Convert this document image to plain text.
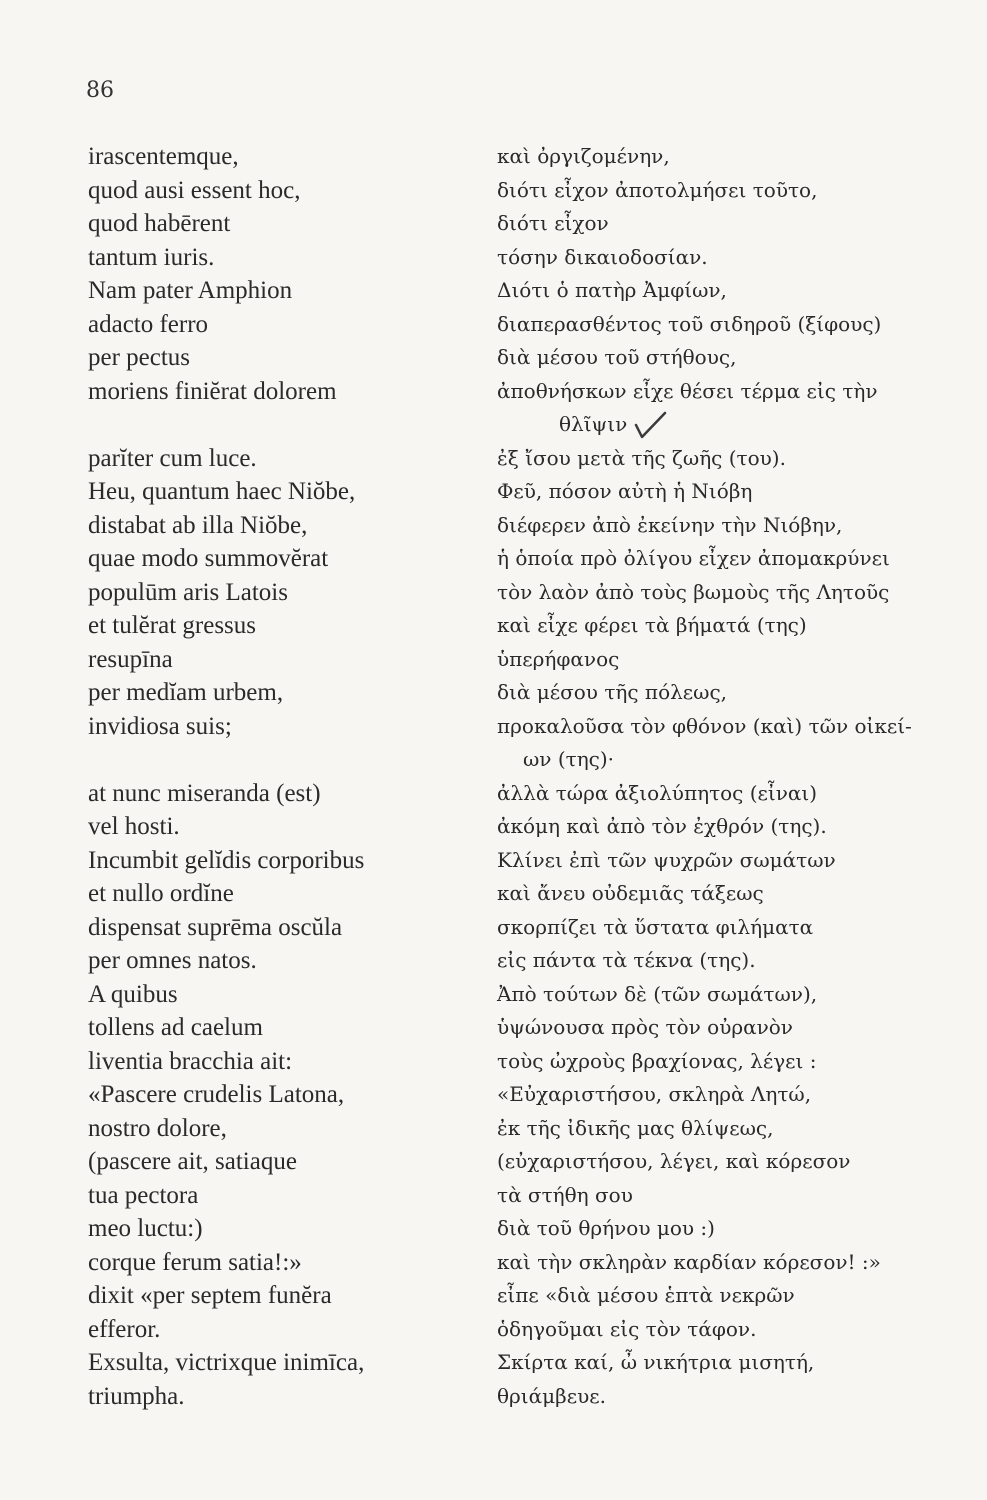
86
irascentemque,
quod ausi essent hoc,
quod habērent
tantum iuris.
Nam pater Amphion
adacto ferro
per pectus
moriens finiĕrat dolorem
parĭter cum luce.
Heu, quantum haec Niŏbe,
distabat ab illa Niŏbe,
quae modo summovĕrat
populūm aris Latois
et tulĕrat gressus
resupīna
per medĭam urbem,
invidiosa suis;
at nunc miseranda (est)
vel hosti.
Incumbit gelĭdis corporibus
et nullo ordĭne
dispensat suprēma oscŭla
per omnes natos.
A quibus
tollens ad caelum
liventia bracchia ait:
«Pascere crudelis Latona,
nostro dolore,
(pascere ait, satiaque
tua pectora
meo luctu:)
corque ferum satia!:»
dixit «per septem funĕra
efferor.
Exsulta, victrixque inimīca,
triumpha.
καὶ ὀργιζομένην,
διότι εἶχον ἀποτολμήσει τοῦτο,
διότι εἶχον
τόσην δικαιοδοσίαν.
Διότι ὁ πατὴρ Ἀμφίων,
διαπερασθέντος τοῦ σιδηροῦ (ξίφους)
διὰ μέσου τοῦ στήθους,
ἀποθνήσκων εἶχε θέσει τέρμα εἰς τὴν
θλῖψιν
ἐξ ἴσου μετὰ τῆς ζωῆς (του).
Φεῦ, πόσον αὐτὴ ἡ Νιόβη
διέφερεν ἀπὸ ἐκείνην τὴν Νιόβην,
ἡ ὁποία πρὸ ὀλίγου εἶχεν ἀπομακρύνει
τὸν λαὸν ἀπὸ τοὺς βωμοὺς τῆς Λητοῦς
καὶ εἶχε φέρει τὰ βήματά (της)
ὑπερήφανος
διὰ μέσου τῆς πόλεως,
προκαλοῦσα τὸν φθόνον (καὶ) τῶν οἰκεί-
ων (της)·
ἀλλὰ τώρα ἀξιολύπητος (εἶναι)
ἀκόμη καὶ ἀπὸ τὸν ἐχθρόν (της).
Κλίνει ἐπὶ τῶν ψυχρῶν σωμάτων
καὶ ἄνευ οὐδεμιᾶς τάξεως
σκορπίζει τὰ ὕστατα φιλήματα
εἰς πάντα τὰ τέκνα (της).
Ἀπὸ τούτων δὲ (τῶν σωμάτων),
ὑψώνουσα πρὸς τὸν οὐρανὸν
τοὺς ὠχροὺς βραχίονας, λέγει :
«Εὐχαριστήσου, σκληρὰ Λητώ,
ἐκ τῆς ἰδικῆς μας θλίψεως,
(εὐχαριστήσου, λέγει, καὶ κόρεσον
τὰ στήθη σου
διὰ τοῦ θρήνου μου :)
καὶ τὴν σκληρὰν καρδίαν κόρεσον! :»
εἶπε «διὰ μέσου ἑπτὰ νεκρῶν
ὁδηγοῦμαι εἰς τὸν τάφον.
Σκίρτα καί, ὦ νικήτρια μισητή,
θριάμβευε.
